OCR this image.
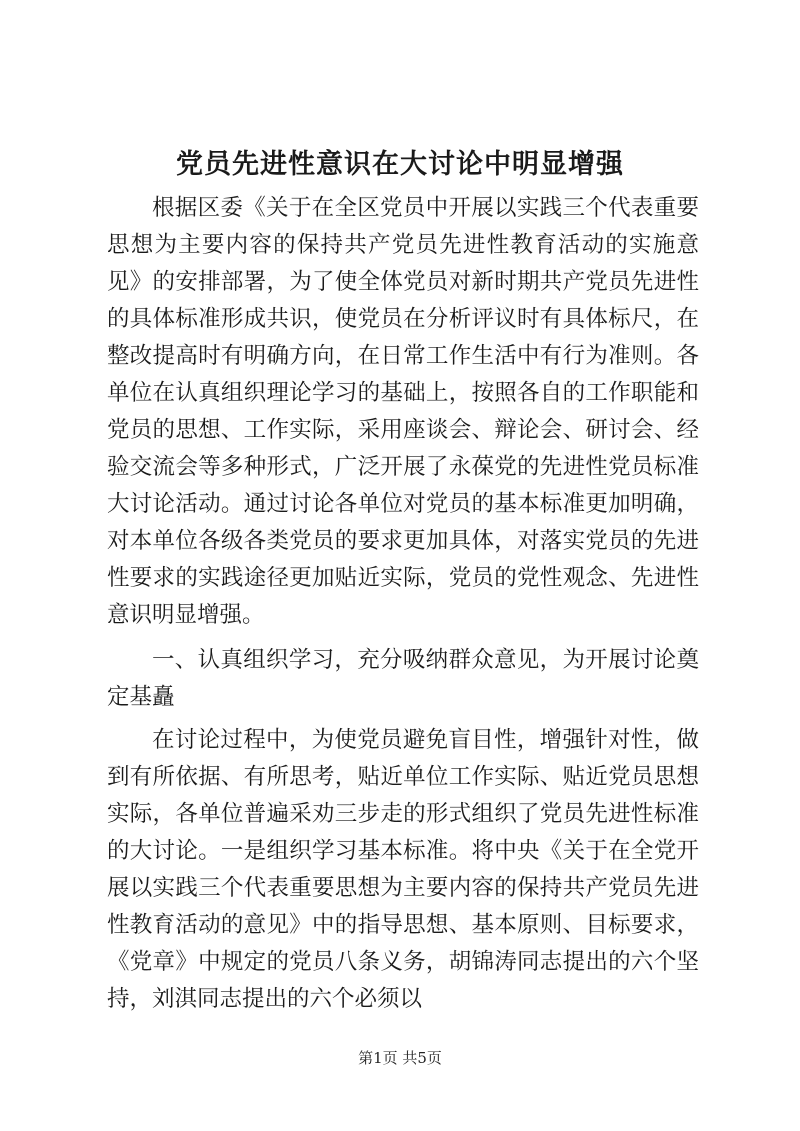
党员先进性意识在大讨论中明显增强

根据区委《关于在全区党员中开展以实践三个代表重要思想为主要内容的保持共产党员先进性教育活动的实施意见》的安排部署，为了使全体党员对新时期共产党员先进性的具体标准形成共识，使党员在分析评议时有具体标尺，在整改提高时有明确方向，在日常工作生活中有行为准则。各单位在认真组织理论学习的基础上，按照各自的工作职能和党员的思想、工作实际，采用座谈会、辩论会、研讨会、经验交流会等多种形式，广泛开展了永葆党的先进性党员标准大讨论活动。通过讨论各单位对党员的基本标准更加明确，对本单位各级各类党员的要求更加具体，对落实党员的先进性要求的实践途径更加贴近实际，党员的党性观念、先进性意识明显增强。

一、认真组织学习，充分吸纳群众意见，为开展讨论奠定基矗

在讨论过程中，为使党员避免盲目性，增强针对性，做到有所依据、有所思考，贴近单位工作实际、贴近党员思想实际，各单位普遍采劝三步走的形式组织了党员先进性标准的大讨论。一是组织学习基本标准。将中央《关于在全党开展以实践三个代表重要思想为主要内容的保持共产党员先进性教育活动的意见》中的指导思想、基本原则、目标要求，《党章》中规定的党员八条义务，胡锦涛同志提出的六个坚持，刘淇同志提出的六个必须以

第1页 共5页
